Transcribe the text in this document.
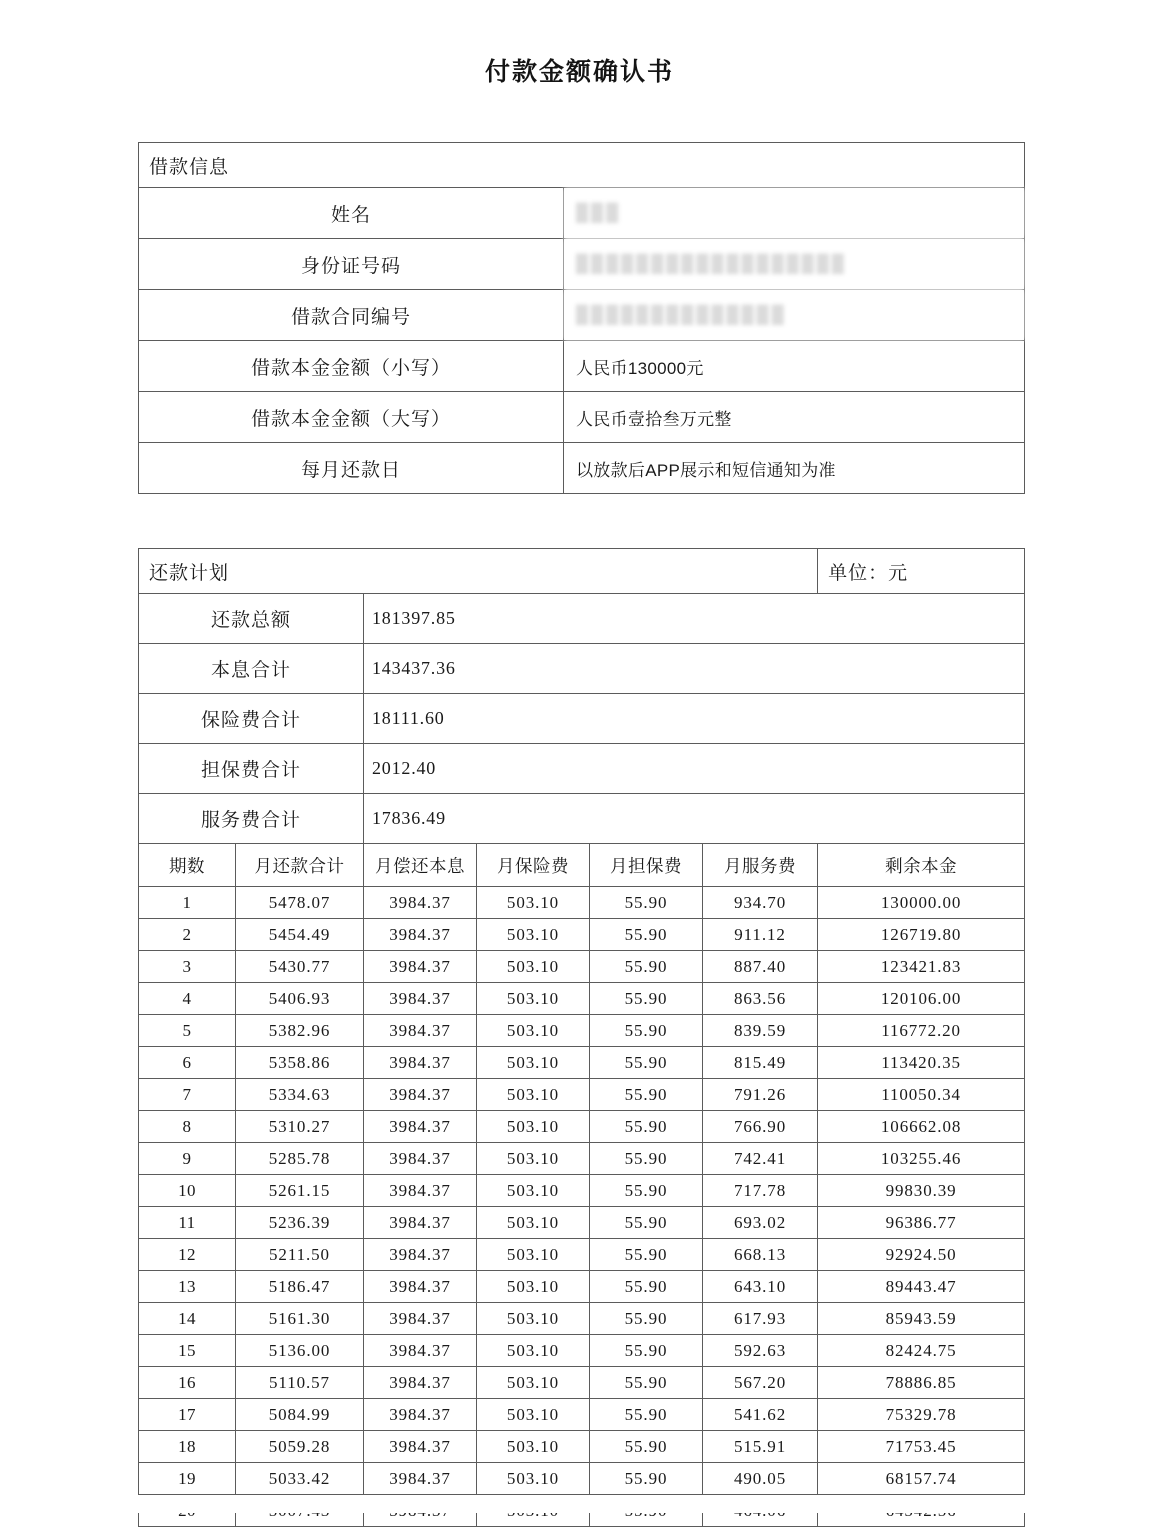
付款金额确认书
借款信息	
姓名	███
身份证号码	██████████████████
借款合同编号	██████████████
借款本金金额（小写）	人民币130000元
借款本金金额（大写）	人民币壹拾叁万元整
每月还款日	以放款后APP展示和短信通知为准
还款计划						单位：元
还款总额		181397.85				
本息合计		143437.36				
保险费合计		18111.60				
担保费合计		2012.40				
服务费合计		17836.49				
期数	月还款合计	月偿还本息	月保险费	月担保费	月服务费	剩余本金
1	5478.07	3984.37	503.10	55.90	934.70	130000.00
2	5454.49	3984.37	503.10	55.90	911.12	126719.80
3	5430.77	3984.37	503.10	55.90	887.40	123421.83
4	5406.93	3984.37	503.10	55.90	863.56	120106.00
5	5382.96	3984.37	503.10	55.90	839.59	116772.20
6	5358.86	3984.37	503.10	55.90	815.49	113420.35
7	5334.63	3984.37	503.10	55.90	791.26	110050.34
8	5310.27	3984.37	503.10	55.90	766.90	106662.08
9	5285.78	3984.37	503.10	55.90	742.41	103255.46
10	5261.15	3984.37	503.10	55.90	717.78	99830.39
11	5236.39	3984.37	503.10	55.90	693.02	96386.77
12	5211.50	3984.37	503.10	55.90	668.13	92924.50
13	5186.47	3984.37	503.10	55.90	643.10	89443.47
14	5161.30	3984.37	503.10	55.90	617.93	85943.59
15	5136.00	3984.37	503.10	55.90	592.63	82424.75
16	5110.57	3984.37	503.10	55.90	567.20	78886.85
17	5084.99	3984.37	503.10	55.90	541.62	75329.78
18	5059.28	3984.37	503.10	55.90	515.91	71753.45
19	5033.42	3984.37	503.10	55.90	490.05	68157.74
